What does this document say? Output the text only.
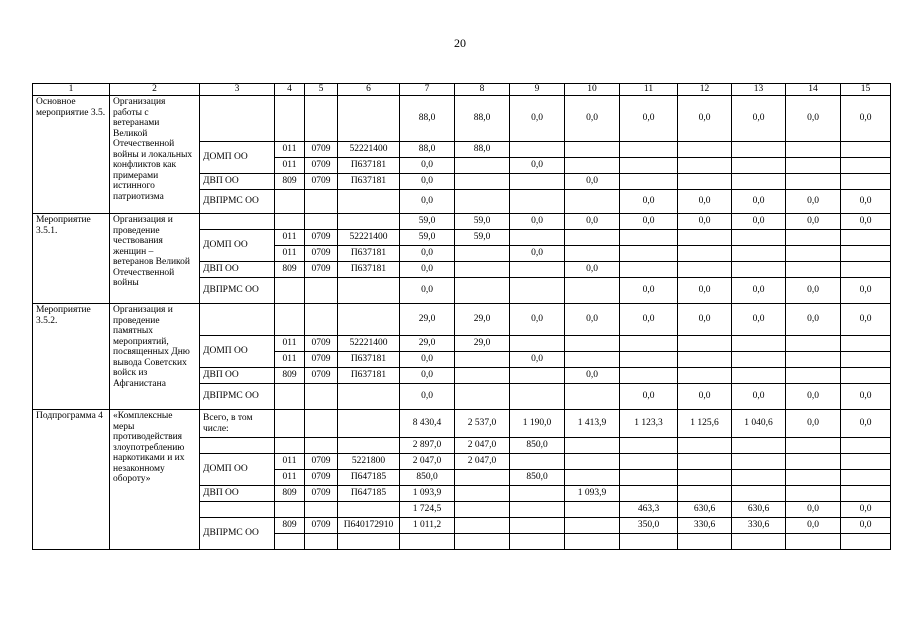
20
1	2	3	4	5	6	7	8	9	10	11	12	13	14	15	
Основное мероприятие 3.5.	Организация работы с ветеранами Великой Отечественной войны и локальных конфликтов как примерами истинного патриотизма					88,0	88,0	0,0	0,0	0,0	0,0	0,0	0,0	0,0	
		ДОМП ОО	011	0709	52221400	88,0	88,0								
			011	0709	П637181	0,0		0,0							
		ДВП ОО	809	0709	П637181	0,0			0,0						
		ДВПРМС ОО				0,0				0,0	0,0	0,0	0,0	0,0	
Мероприятие 3.5.1.	Организация и проведение чествования женщин – ветеранов Великой Отечественной войны					59,0	59,0	0,0	0,0	0,0	0,0	0,0	0,0	0,0	
		ДОМП ОО	011	0709	52221400	59,0	59,0								
			011	0709	П637181	0,0		0,0							
		ДВП ОО	809	0709	П637181	0,0			0,0						
		ДВПРМС ОО				0,0				0,0	0,0	0,0	0,0	0,0	
Мероприятие 3.5.2.	Организация и проведение памятных мероприятий, посвященных Дню вывода Советских войск из Афганистана					29,0	29,0	0,0	0,0	0,0	0,0	0,0	0,0	0,0	
		ДОМП ОО	011	0709	52221400	29,0	29,0								
			011	0709	П637181	0,0		0,0							
		ДВП ОО	809	0709	П637181	0,0			0,0						
		ДВПРМС ОО				0,0				0,0	0,0	0,0	0,0	0,0	
Подпрограмма 4	«Комплексные меры противодействия злоупотреблению наркотиками и их незаконному обороту»	Всего, в том числе:				8 430,4	2 537,0	1 190,0	1 413,9	1 123,3	1 125,6	1 040,6	0,0	0,0	
						2 897,0	2 047,0	850,0							
		ДОМП ОО	011	0709	5221800	2 047,0	2 047,0								
			011	0709	П647185	850,0		850,0							
		ДВП ОО	809	0709	П647185	1 093,9			1 093,9						
						1 724,5				463,3	630,6	630,6	0,0	0,0	
		ДВПРМС ОО	809	0709	П640172910	1 011,2				350,0	330,6	330,6	0,0	0,0	
